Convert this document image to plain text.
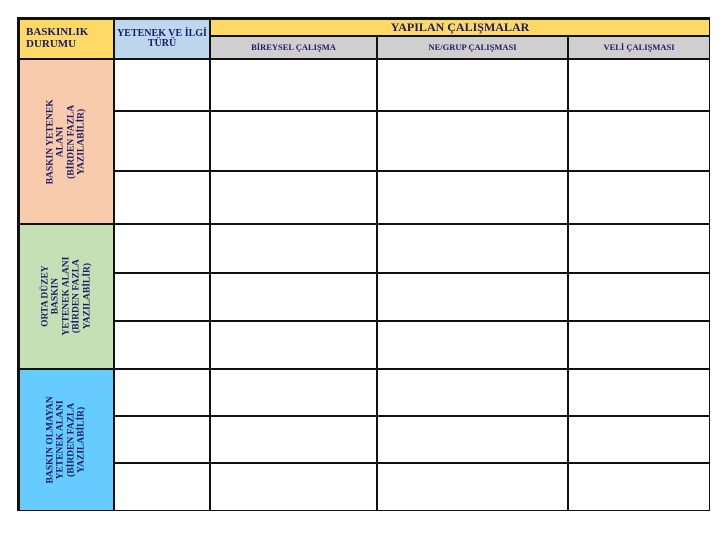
BASKINLIK
DURUMU
YETENEK VE İLGİ
TÜRÜ
YAPILAN ÇALIŞMALAR
BİREYSEL ÇALIŞMA	NE/GRUP ÇALIŞMASI	VELİ ÇALIŞMASI
BASKIN YETENEK ALANI
(BİRDEN FAZLA
YAZILABİLİR)
ORTA DÜZEY BASKIN
YETENEK ALANI
(BİRDEN FAZLA
YAZILABİLİR)
BASKIN OLMAYAN
YETENEK ALANI
(BİRDEN FAZLA
YAZILABİLİR)
